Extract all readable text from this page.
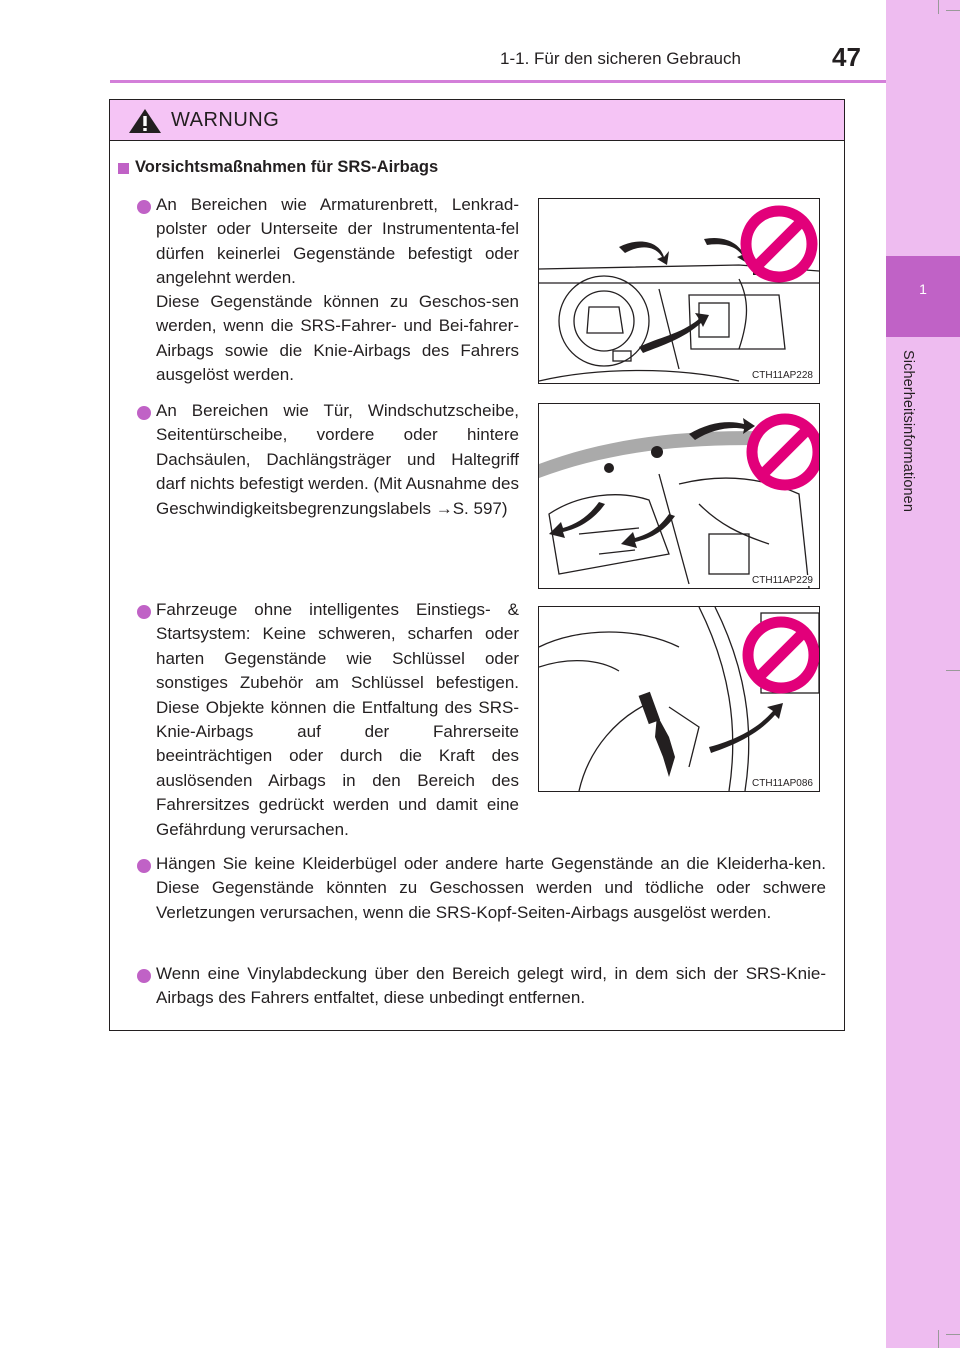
1-1. Für den sicheren Gebrauch	47
1
Sicherheitsinformationen
WARNUNG
Vorsichtsmaßnahmen für SRS-Airbags
An Bereichen wie Armaturenbrett, Lenkrad-polster oder Unterseite der Instrumententa-fel dürfen keinerlei Gegenstände befestigt oder angelehnt werden.
Diese Gegenstände können zu Geschos-sen werden, wenn die SRS-Fahrer- und Bei-fahrer-Airbags sowie die Knie-Airbags des Fahrers ausgelöst werden.	CTH11AP228
An Bereichen wie Tür, Windschutzscheibe, Seitentürscheibe, vordere oder hintere Dachsäulen, Dachlängsträger und Haltegriff darf nichts befestigt werden. (Mit Ausnahme des Geschwindigkeitsbegrenzungslabels →S. 597)
CTH11AP229
Fahrzeuge ohne intelligentes Einstiegs- & Startsystem: Keine schweren, scharfen oder harten Gegenstände wie Schlüssel oder sonstiges Zubehör am Schlüssel befestigen. Diese Objekte können die Entfaltung des SRS-Knie-Airbags auf der Fahrerseite beeinträchtigen oder durch die Kraft des auslösenden Airbags in den Bereich des Fahrersitzes gedrückt werden und damit eine Gefährdung verursachen.
CTH11AP086
Hängen Sie keine Kleiderbügel oder andere harte Gegenstände an die Kleiderha-ken. Diese Gegenstände könnten zu Geschossen werden und tödliche oder schwere Verletzungen verursachen, wenn die SRS-Kopf-Seiten-Airbags ausgelöst werden.
Wenn eine Vinylabdeckung über den Bereich gelegt wird, in dem sich der SRS-Knie-Airbags des Fahrers entfaltet, diese unbedingt entfernen.
